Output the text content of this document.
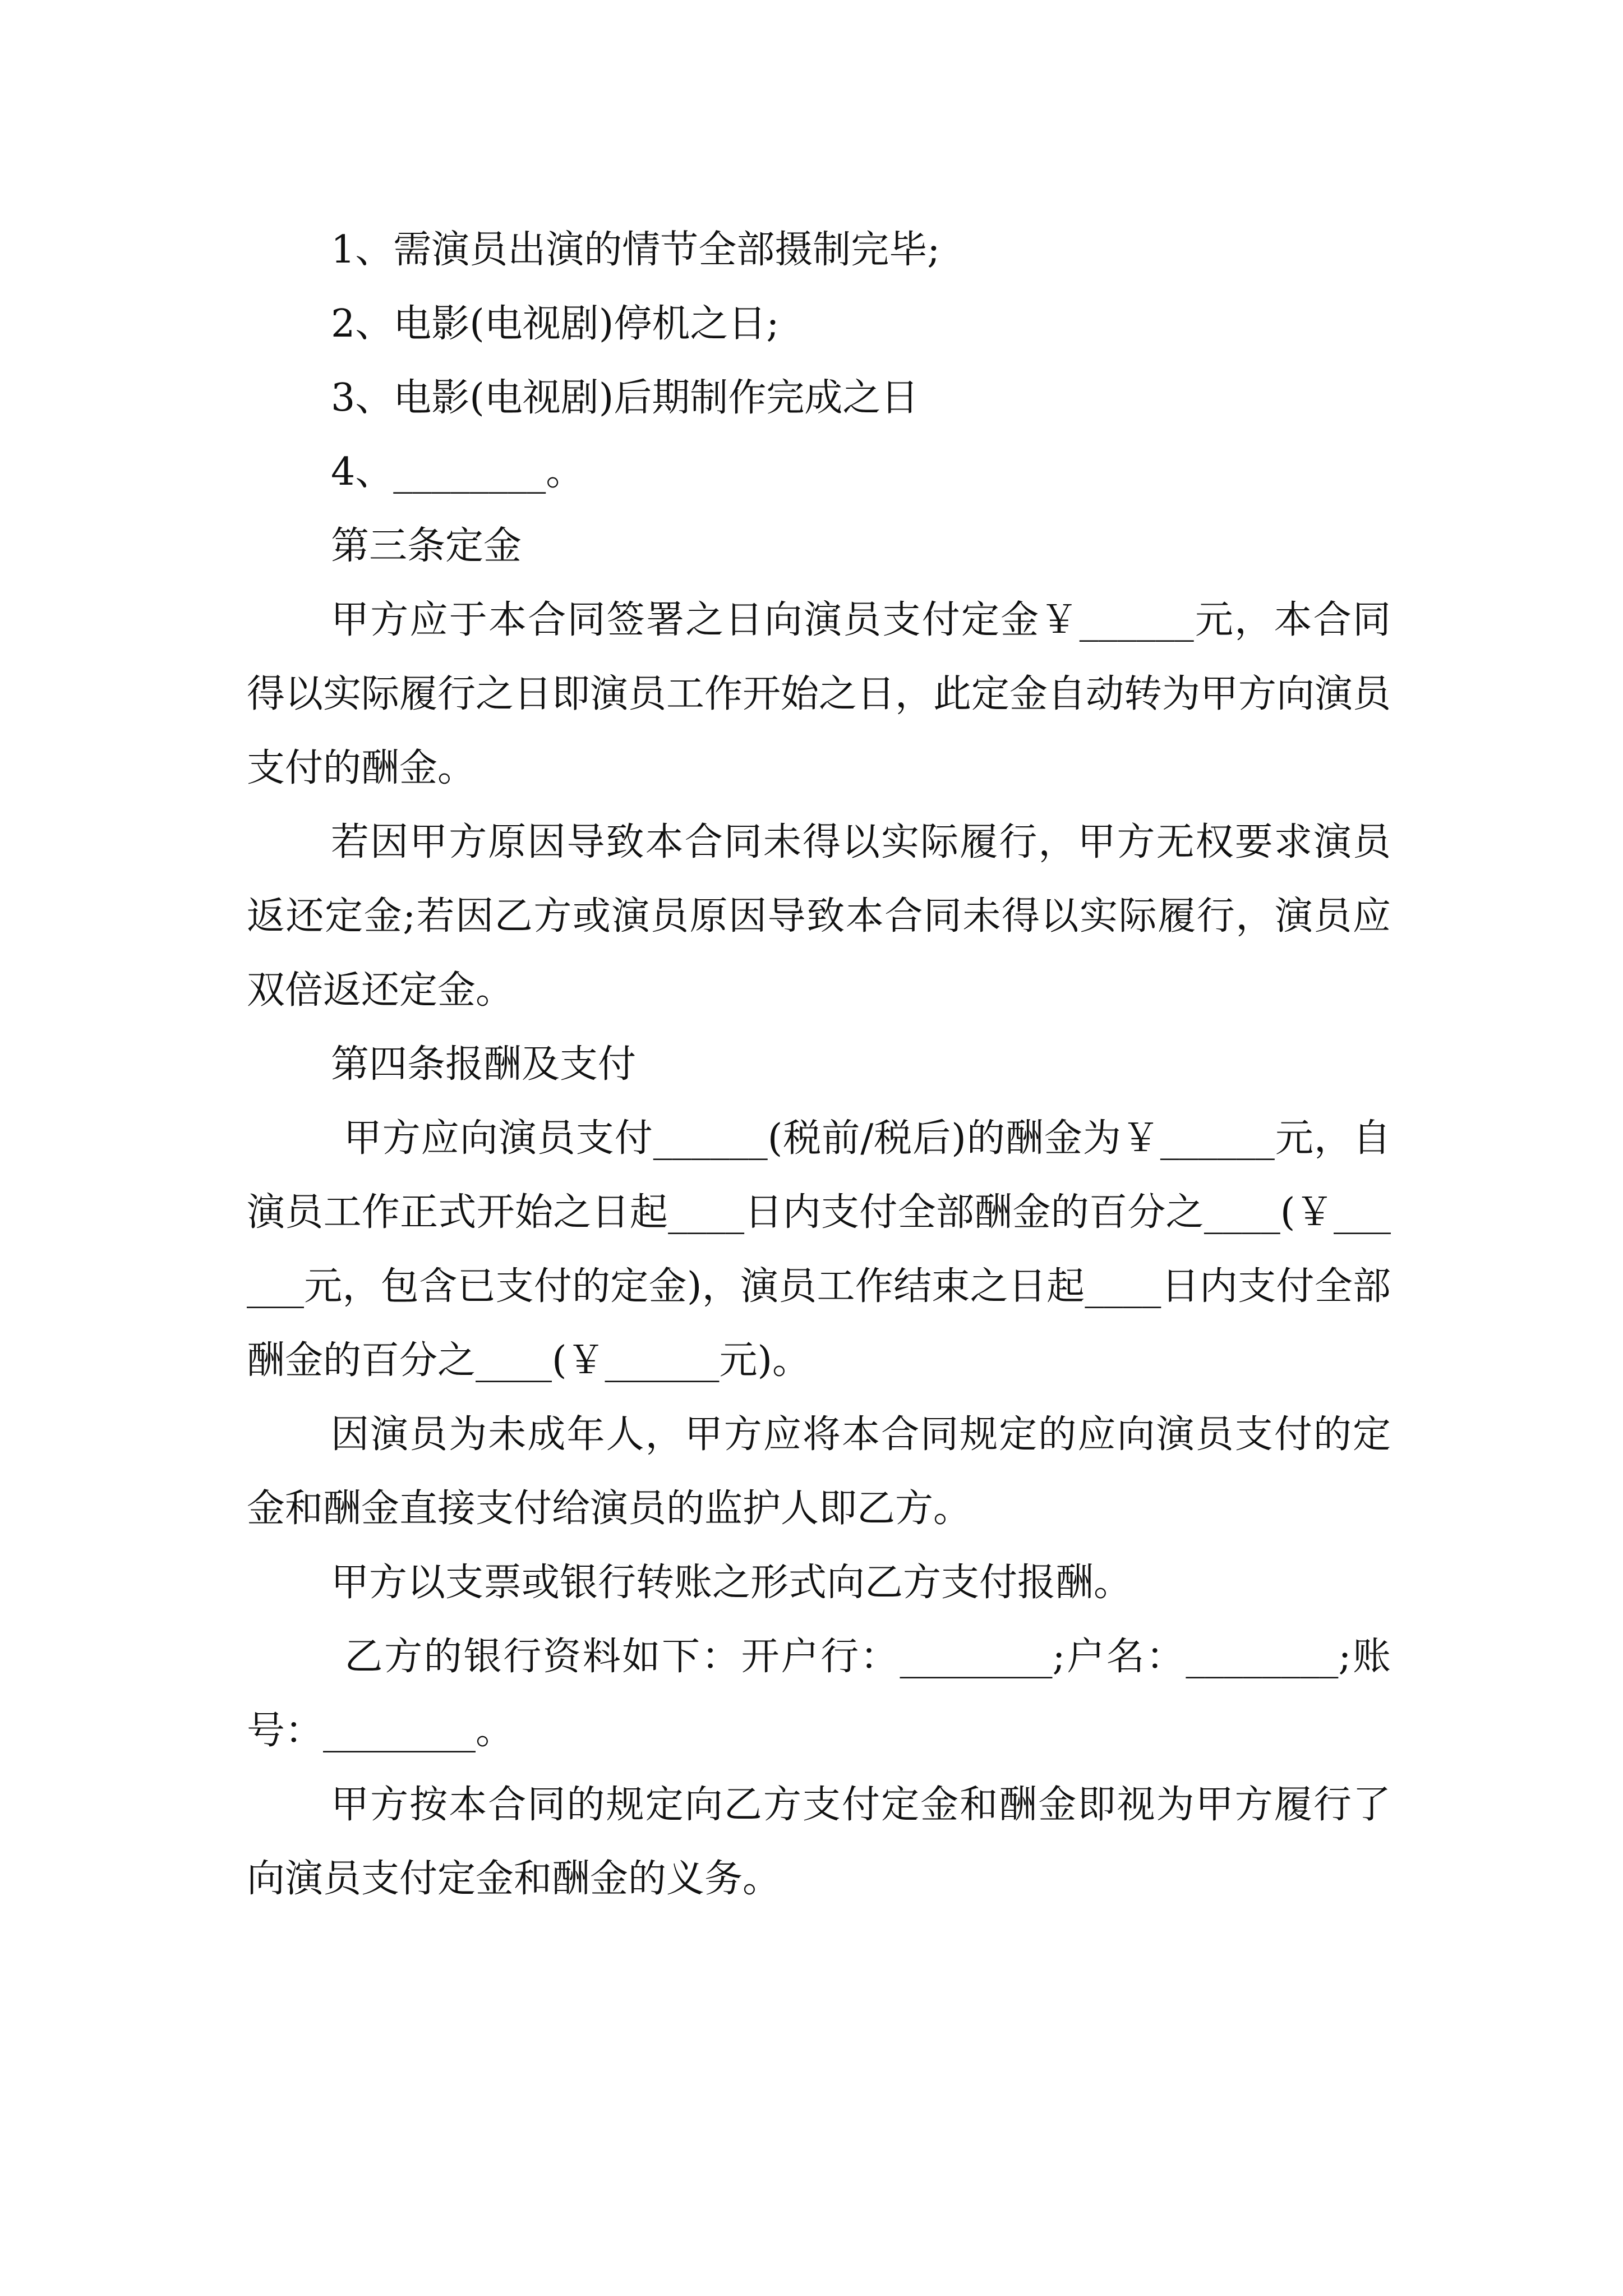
1、需演员出演的情节全部摄制完毕;

2、电影(电视剧)停机之日;

3、电影(电视剧)后期制作完成之日

4、________。

第三条定金

甲方应于本合同签署之日向演员支付定金￥______元，本合同得以实际履行之日即演员工作开始之日，此定金自动转为甲方向演员支付的酬金。

若因甲方原因导致本合同未得以实际履行，甲方无权要求演员返还定金;若因乙方或演员原因导致本合同未得以实际履行，演员应双倍返还定金。

第四条报酬及支付

甲方应向演员支付______(税前/税后)的酬金为￥______元，自演员工作正式开始之日起____日内支付全部酬金的百分之____(￥______元，包含已支付的定金)，演员工作结束之日起____日内支付全部酬金的百分之____(￥______元)。

因演员为未成年人，甲方应将本合同规定的应向演员支付的定金和酬金直接支付给演员的监护人即乙方。

甲方以支票或银行转账之形式向乙方支付报酬。

乙方的银行资料如下：开户行：________;户名：________;账号：________。

甲方按本合同的规定向乙方支付定金和酬金即视为甲方履行了向演员支付定金和酬金的义务。
